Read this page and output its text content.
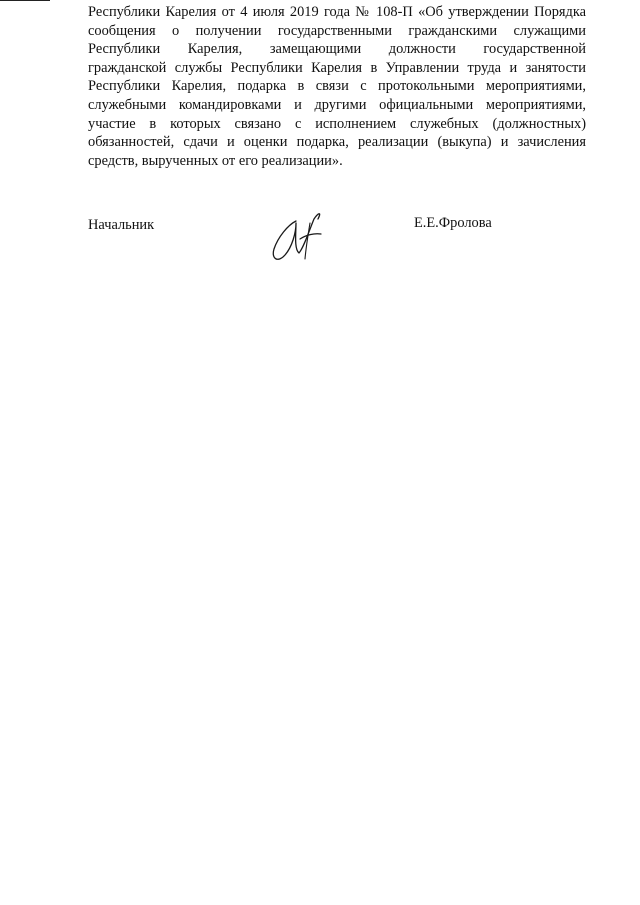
Республики Карелия от 4 июля 2019 года № 108-П «Об утверждении Порядка
сообщения о получении государственными гражданскими служащими
Республики Карелия, замещающими должности государственной
гражданской службы Республики Карелия в Управлении труда и занятости
Республики Карелия, подарка в связи с протокольными мероприятиями,
служебными командировками и другими официальными мероприятиями,
участие в которых связано с исполнением служебных (должностных)
обязанностей, сдачи и оценки подарка, реализации (выкупа) и зачисления
средств, вырученных от его реализации».
Начальник	Е.Е.Фролова
